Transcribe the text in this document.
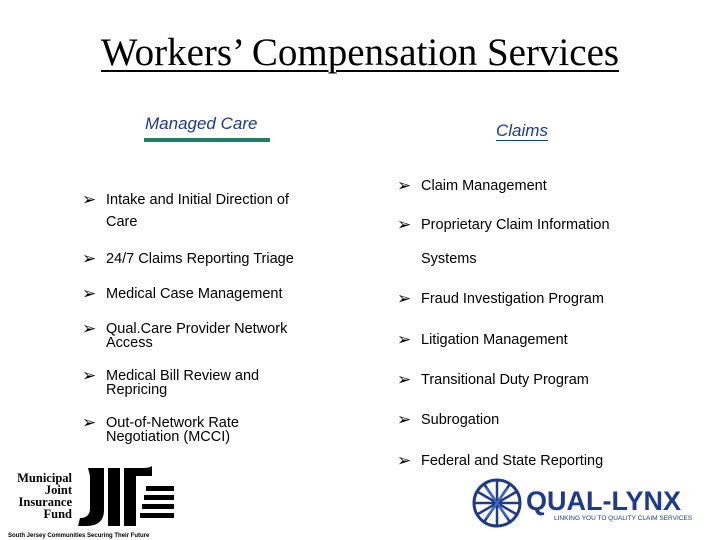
Workers’ Compensation Services
Managed Care	Claims
➢ Intake and Initial Direction of
Care
➢ 24/7 Claims Reporting Triage
➢ Medical Case Management
➢ Qual.Care Provider Network
Access
➢ Medical Bill Review and
Repricing
➢ Out-of-Network Rate
Negotiation (MCCI)
➢ Claim Management
➢ Proprietary Claim Information
Systems
➢ Fraud Investigation Program
➢ Litigation Management
➢ Transitional Duty Program
➢ Subrogation
➢ Federal and State Reporting
Municipal
Joint
Insurance
Fund
South Jersey Communities Securing Their Future
QUAL-LYNX
LINKING YOU TO QUALITY CLAIM SERVICES
